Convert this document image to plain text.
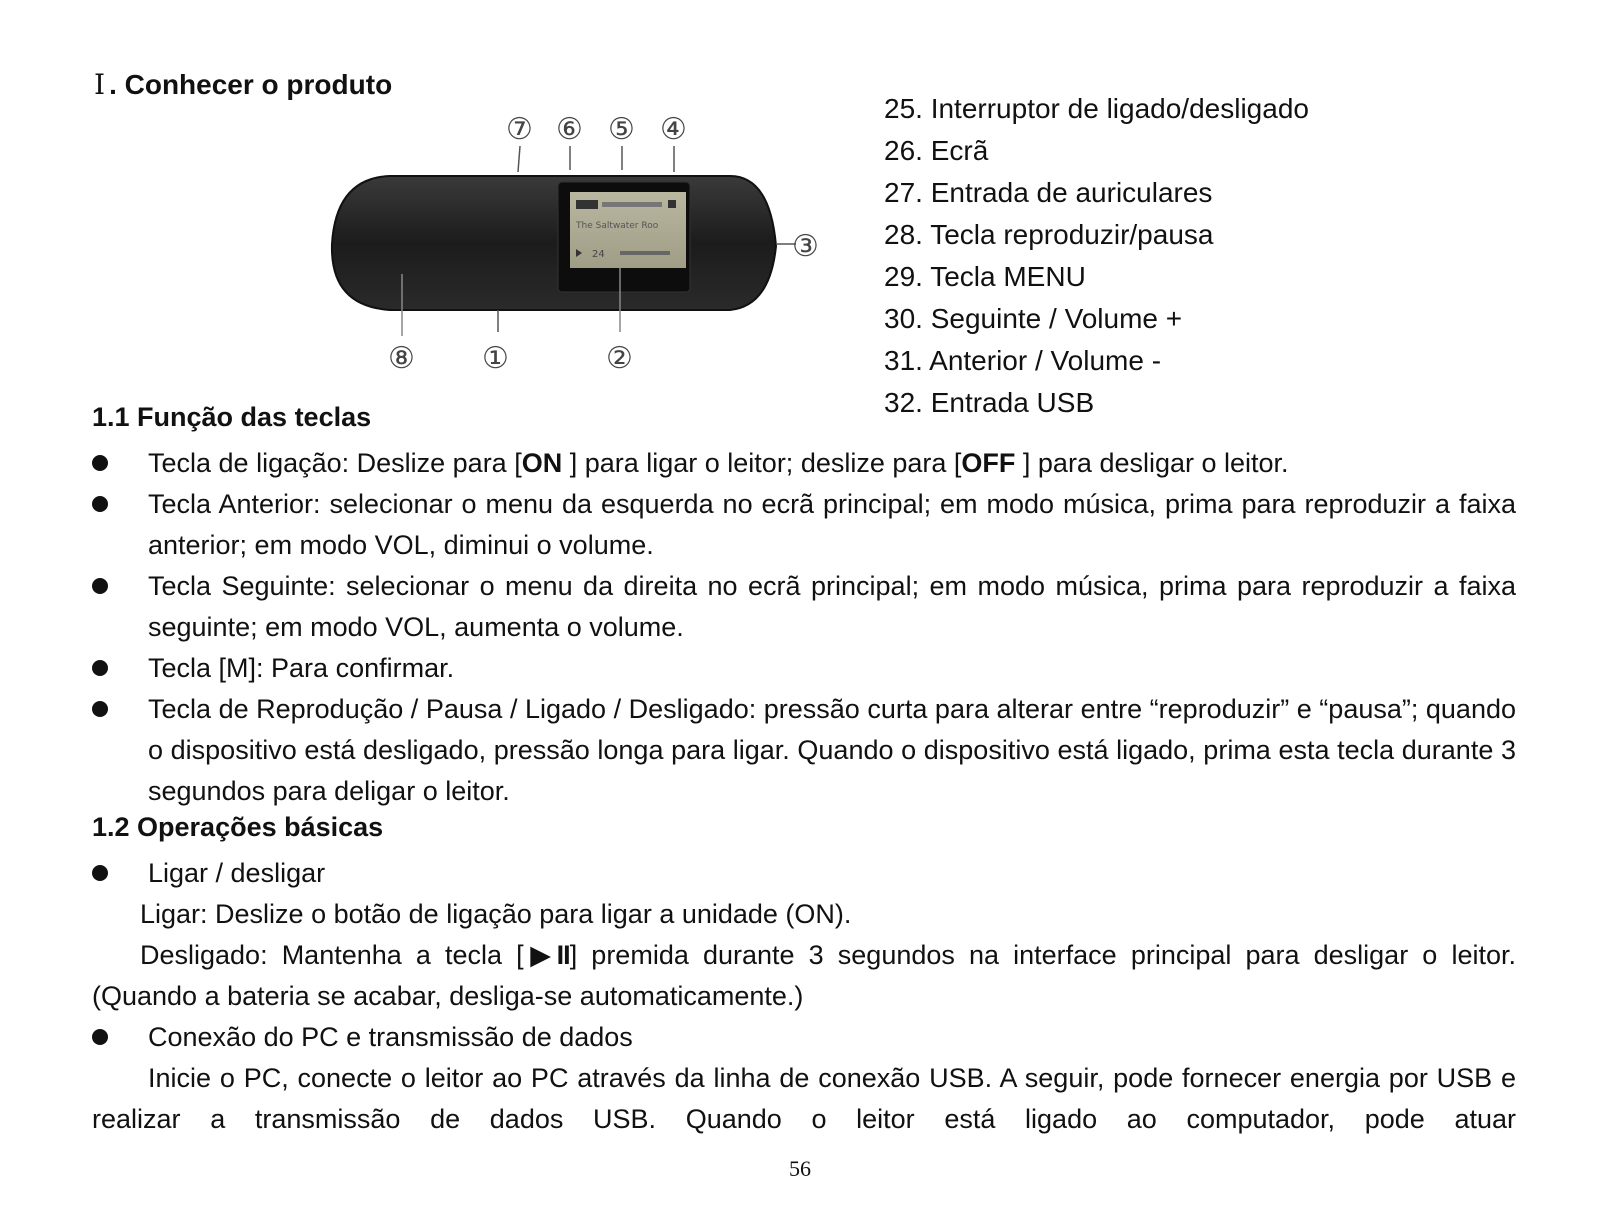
Ⅰ . Conhecer o produto
The Saltwater Roo
24
⑦ ⑥ ⑤ ④
③
⑧ ①	②
25. Interruptor de ligado/desligado
26. Ecrã
27. Entrada de auriculares
28. Tecla reproduzir/pausa
29. Tecla MENU
30. Seguinte / Volume +
31. Anterior / Volume -
32. Entrada USB
1.1 Função das teclas
Tecla de ligação: Deslize para [ON ] para ligar o leitor; deslize para [OFF ] para desligar o leitor.
Tecla Anterior: selecionar o menu da esquerda no ecrã principal; em modo música, prima para reproduzir a faixa anterior; em modo VOL, diminui o volume.
Tecla Seguinte: selecionar o menu da direita no ecrã principal; em modo música, prima para reproduzir a faixa seguinte; em modo VOL, aumenta o volume.
Tecla [M]: Para confirmar.
Tecla de Reprodução / Pausa / Ligado / Desligado: pressão curta para alterar entre “reproduzir” e “pausa”; quando o dispositivo está desligado, pressão longa para ligar. Quando o dispositivo está ligado, prima esta tecla durante 3 segundos para deligar o leitor.
1.2 Operações básicas
Ligar / desligar
Ligar: Deslize o botão de ligação para ligar a unidade (ON).
Desligado: Mantenha a tecla [▶II] premida durante 3 segundos na interface principal para desligar o leitor. (Quando a bateria se acabar, desliga-se automaticamente.)
Conexão do PC e transmissão de dados
Inicie o PC, conecte o leitor ao PC através da linha de conexão USB. A seguir, pode fornecer energia por USB e realizar a transmissão de dados USB. Quando o leitor está ligado ao computador, pode atuar
56
